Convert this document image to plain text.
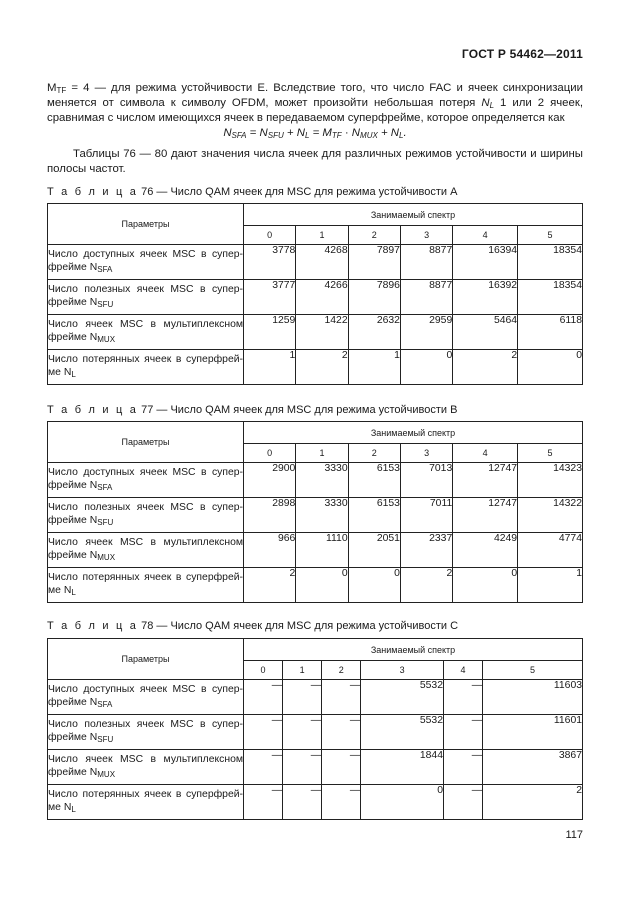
ГОСТ Р 54462—2011
$M_{TF} = 4$ — для режима устойчивости E. Вследствие того, что число FAC и ячеек синхронизации меняется от символа к символу OFDM, может произойти небольшая потеря $N_L$ 1 или 2 ячеек, сравнимая с числом имеющихся ячеек в передаваемом суперфрейме, которое определяется как
$N_{SFA} = N_{SFU} + N_L = M_{TF} \cdot N_{MUX} + N_L$.
Таблицы 76 — 80 дают значения числа ячеек для различных режимов устойчивости и ширины полосы частот.
Т а б л и ц а 76 — Число QAM ячеек для MSC для режима устойчивости А
Параметры	Занимаемый спектр					
	0	1	2	3	4	5

Число доступных ячеек MSC в супер-фрейме $N_{SFA}$	3778	4268	7897	8877	16394	18354

Число полезных ячеек MSC в супер-фрейме $N_{SFU}$	3777	4266	7896	8877	16392	18354

Число ячеек MSC в мультиплексном фрейме $N_{MUX}$	1259	1422	2632	2959	5464	6118

Число потерянных ячеек в суперфрей-ме $N_L$	1	2	1	0	2	0
Т а б л и ц а 77 — Число QAM ячеек для MSC для режима устойчивости В
Параметры	Занимаемый спектр					
	0	1	2	3	4	5

Число доступных ячеек MSC в супер-фрейме $N_{SFA}$	2900	3330	6153	7013	12747	14323

Число полезных ячеек MSC в супер-фрейме $N_{SFU}$	2898	3330	6153	7011	12747	14322

Число ячеек MSC в мультиплексном фрейме $N_{MUX}$	966	1110	2051	2337	4249	4774

Число потерянных ячеек в суперфрей-ме $N_L$	2	0	0	2	0	1
Т а б л и ц а 78 — Число QAM ячеек для MSC для режима устойчивости С
Параметры	Занимаемый спектр					
	0	1	2	3	4	5

Число доступных ячеек MSC в супер-фрейме $N_{SFA}$	—	—	—	5532	—	11603

Число полезных ячеек MSC в супер-фрейме $N_{SFU}$	—	—	—	5532	—	11601

Число ячеек MSC в мультиплексном фрейме $N_{MUX}$	—	—	—	1844	—	3867

Число потерянных ячеек в суперфрей-ме $N_L$	—	—	—	0	—	2
117
